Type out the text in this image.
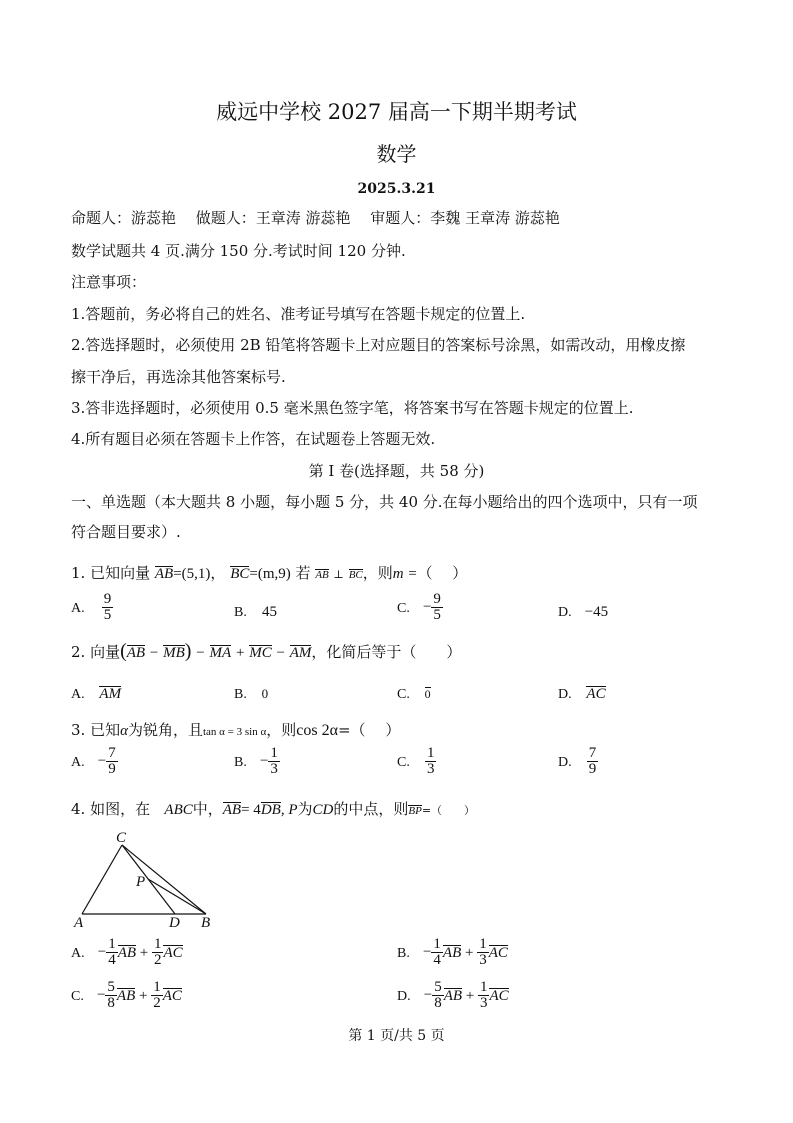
威远中学校 2027 届高一下期半期考试
数学
2025.3.21
命题人：游蕊艳　 做题人：王章涛 游蕊艳　 审题人：李魏 王章涛 游蕊艳
数学试题共 4 页.满分 150 分.考试时间 120 分钟.
注意事项：
1.答题前，务必将自己的姓名、准考证号填写在答题卡规定的位置上.
2.答选择题时，必须使用 2B 铅笔将答题卡上对应题目的答案标号涂黑，如需改动，用橡皮擦
擦干净后，再选涂其他答案标号.
3.答非选择题时，必须使用 0.5 毫米黑色签字笔，将答案书写在答题卡规定的位置上.
4.所有题目必须在答题卡上作答，在试题卷上答题无效.
第 I 卷(选择题，共 58 分)
一、单选题（本大题共 8 小题，每小题 5 分，共 40 分.在每小题给出的四个选项中，只有一项
符合题目要求）.
1. 已知向量 AB=(5,1)， BC=(m,9) 若 AB ⊥ BC，则m =（　 ）
A. $\frac{9}{5}$	B. 45	C. − $\frac{9}{5}$	D. −45
2. 向量(AB − MB) − MA + MC − AM，化简后等于（　　）
A. AM	B. 0	C. 0	D. AC
3. 已知α为锐角，且tan α = 3 sin α，则cos 2α=（　 ）
A. − $\frac{7}{9}$	B. − $\frac{1}{3}$	C. $\frac{1}{3}$	D. $\frac{7}{9}$
4. 如图，在 ABC中，AB= 4DB, P为CD的中点，则BP=（　　）
C
P
A	D B
A. − $\frac{1}{4}$ AB + $\frac{1}{2}$ AC	B. − $\frac{1}{4}$ AB + $\frac{1}{3}$ AC
C. − $\frac{5}{8}$ AB + $\frac{1}{2}$ AC	D. − $\frac{5}{8}$ AB + $\frac{1}{3}$ AC
第 1 页/共 5 页
